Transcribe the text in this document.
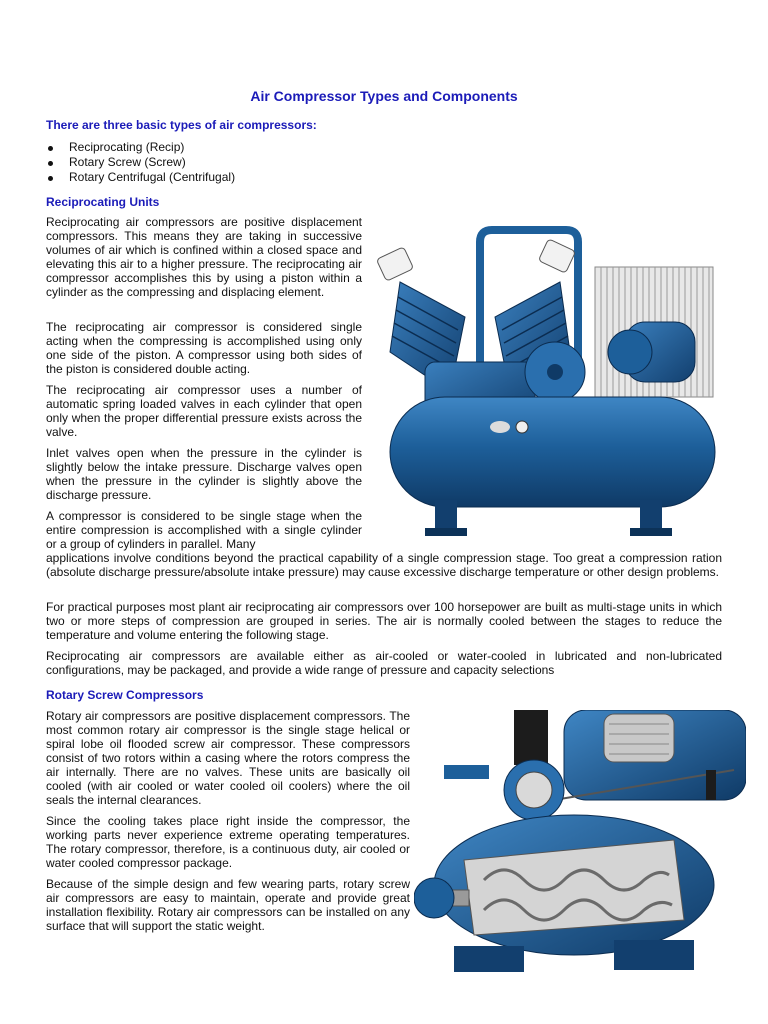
Air Compressor Types and Components
There are three basic types of air compressors:
Reciprocating (Recip)
Rotary Screw (Screw)
Rotary Centrifugal (Centrifugal)
Reciprocating Units

Reciprocating air compressors are positive displacement compressors. This means they are taking in successive volumes of air which is confined within a closed space and elevating this air to a higher pressure. The reciprocating air compressor accomplishes this by using a piston within a cylinder as the compressing and displacing element.

The reciprocating air compressor is considered single acting when the compressing is accomplished using only one side of the piston. A compressor using both sides of the piston is considered double acting.

The reciprocating air compressor uses a number of automatic spring loaded valves in each cylinder that open only when the proper differential pressure exists across the valve.

Inlet valves open when the pressure in the cylinder is slightly below the intake pressure. Discharge valves open when the pressure in the cylinder is slightly above the discharge pressure.

A compressor is considered to be single stage when the entire compression is accomplished with a single cylinder or a group of cylinders in parallel. Many

applications involve conditions beyond the practical capability of a single compression stage. Too great a compression ration (absolute discharge pressure/absolute intake pressure) may cause excessive discharge temperature or other design problems.

For practical purposes most plant air reciprocating air compressors over 100 horsepower are built as multi-stage units in which two or more steps of compression are grouped in series. The air is normally cooled between the stages to reduce the temperature and volume entering the following stage.

Reciprocating air compressors are available either as air-cooled or water-cooled in lubricated and non-lubricated configurations, may be packaged, and provide a wide range of pressure and capacity selections

Rotary Screw Compressors

Rotary air compressors are positive displacement compressors. The most common rotary air compressor is the single stage helical or spiral lobe oil flooded screw air compressor. These compressors consist of two rotors within a casing where the rotors compress the air internally. There are no valves. These units are basically oil cooled (with air cooled or water cooled oil coolers) where the oil seals the internal clearances.

Since the cooling takes place right inside the compressor, the working parts never experience extreme operating temperatures. The rotary compressor, therefore, is a continuous duty, air cooled or water cooled compressor package.

Because of the simple design and few wearing parts, rotary screw air compressors are easy to maintain, operate and provide great installation flexibility. Rotary air compressors can be installed on any surface that will support the static weight.
